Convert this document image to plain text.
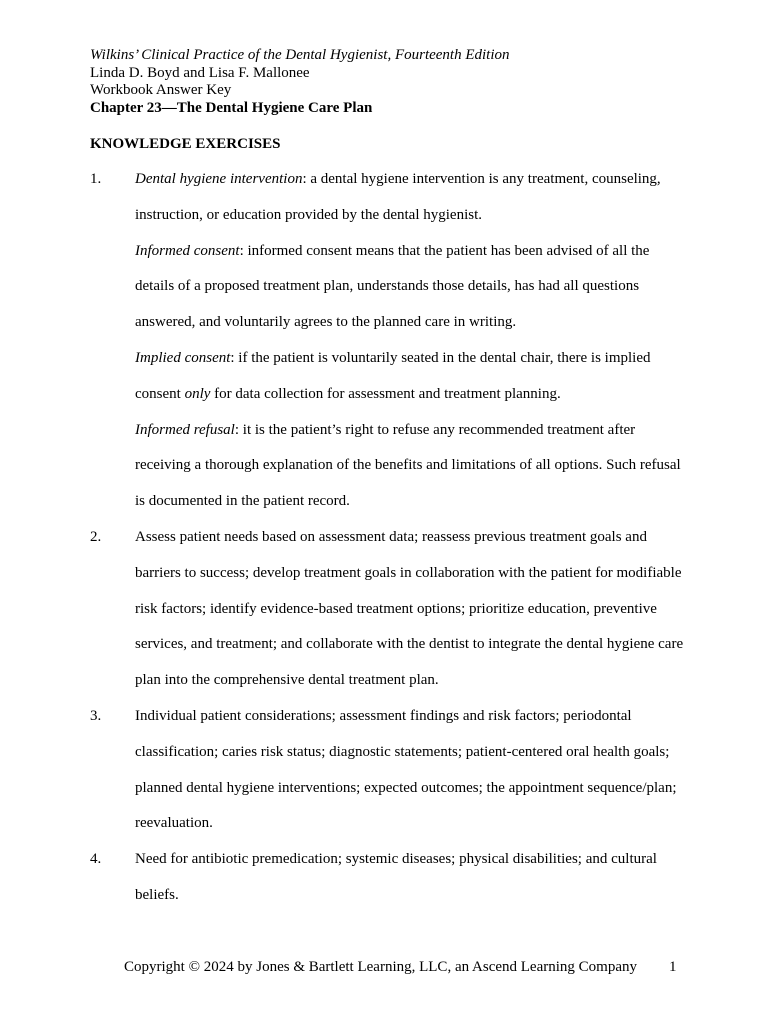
Wilkins’ Clinical Practice of the Dental Hygienist, Fourteenth Edition
Linda D. Boyd and Lisa F. Mallonee
Workbook Answer Key
Chapter 23—The Dental Hygiene Care Plan
KNOWLEDGE EXERCISES
1. Dental hygiene intervention: a dental hygiene intervention is any treatment, counseling, instruction, or education provided by the dental hygienist.

Informed consent: informed consent means that the patient has been advised of all the details of a proposed treatment plan, understands those details, has had all questions answered, and voluntarily agrees to the planned care in writing.

Implied consent: if the patient is voluntarily seated in the dental chair, there is implied consent only for data collection for assessment and treatment planning.

Informed refusal: it is the patient’s right to refuse any recommended treatment after receiving a thorough explanation of the benefits and limitations of all options. Such refusal is documented in the patient record.

2. Assess patient needs based on assessment data; reassess previous treatment goals and barriers to success; develop treatment goals in collaboration with the patient for modifiable risk factors; identify evidence-based treatment options; prioritize education, preventive services, and treatment; and collaborate with the dentist to integrate the dental hygiene care plan into the comprehensive dental treatment plan.

3. Individual patient considerations; assessment findings and risk factors; periodontal classification; caries risk status; diagnostic statements; patient-centered oral health goals; planned dental hygiene interventions; expected outcomes; the appointment sequence/plan; reevaluation.

4. Need for antibiotic premedication; systemic diseases; physical disabilities; and cultural beliefs.

Copyright © 2024 by Jones & Bartlett Learning, LLC, an Ascend Learning Company 1
